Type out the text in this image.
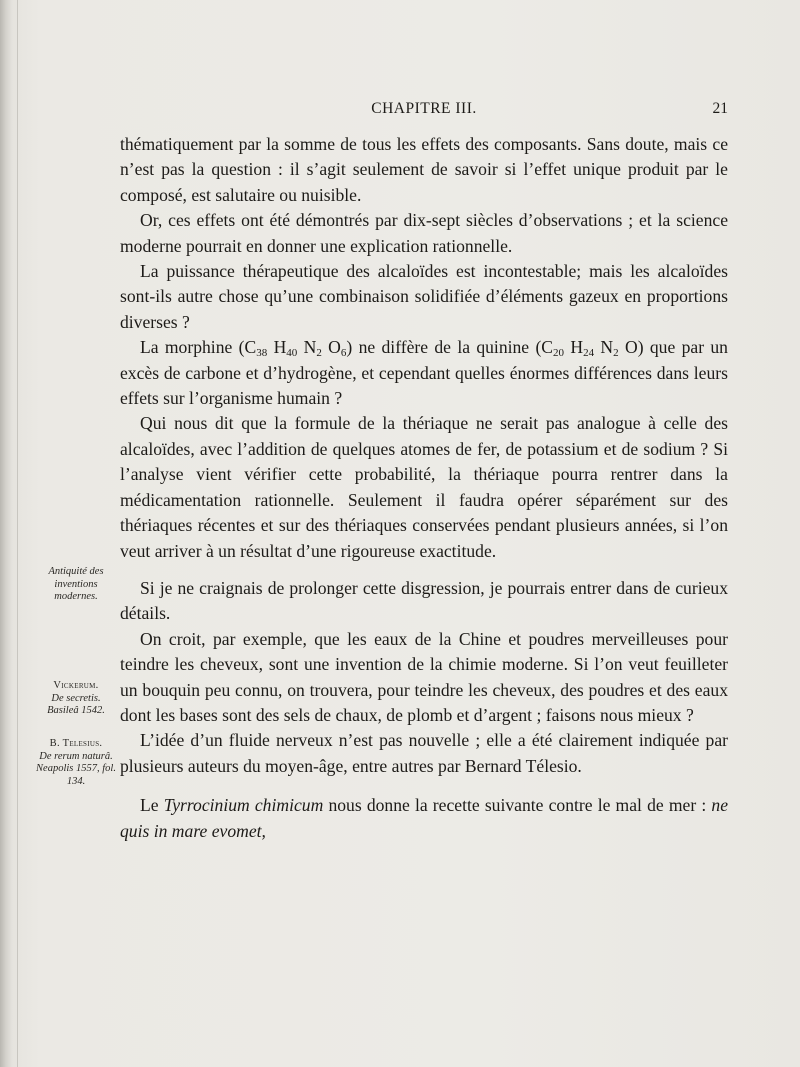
CHAPITRE III.	21

thématiquement par la somme de tous les effets des composants. Sans doute, mais ce n’est pas la question : il s’agit seulement de savoir si l’effet unique produit par le composé, est salutaire ou nuisible.

Or, ces effets ont été démontrés par dix-sept siècles d’observations ; et la science moderne pourrait en donner une explication rationnelle.

La puissance thérapeutique des alcaloïdes est incontestable; mais les alcaloïdes sont-ils autre chose qu’une combinaison solidifiée d’éléments gazeux en proportions diverses ?

La morphine ($C_{38}$ $H_{40}$ $N_2$ $O_6$) ne diffère de la quinine ($C_{20}$ $H_{24}$ $N_2$ O) que par un excès de carbone et d’hydrogène, et cependant quelles énormes différences dans leurs effets sur l’organisme humain ?

Qui nous dit que la formule de la thériaque ne serait pas analogue à celle des alcaloïdes, avec l’addition de quelques atomes de fer, de potassium et de sodium ? Si l’analyse vient vérifier cette probabilité, la thériaque pourra rentrer dans la médicamentation rationnelle. Seulement il faudra opérer séparément sur des thériaques récentes et sur des thériaques conservées pendant plusieurs années, si l’on veut arriver à un résultat d’une rigoureuse exactitude.

Si je ne craignais de prolonger cette disgression, je pourrais entrer dans de curieux détails.

On croit, par exemple, que les eaux de la Chine et poudres merveilleuses pour teindre les cheveux, sont une invention de la chimie moderne. Si l’on veut feuilleter un bouquin peu connu, on trouvera, pour teindre les cheveux, des poudres et des eaux dont les bases sont des sels de chaux, de plomb et d’argent ; faisons nous mieux ?

L’idée d’un fluide nerveux n’est pas nouvelle ; elle a été clairement indiquée par plusieurs auteurs du moyen-âge, entre autres par Bernard Télesio.

Le Tyrrocinium chimicum nous donne la recette suivante contre le mal de mer : ne quis in mare evomet,

Antiquité des inventions
modernes.
Vickerum.
De secretis.
Basileâ 1542.
B. Telesius.
De rerum naturâ.
Neapolis 1557, fol. 134.
